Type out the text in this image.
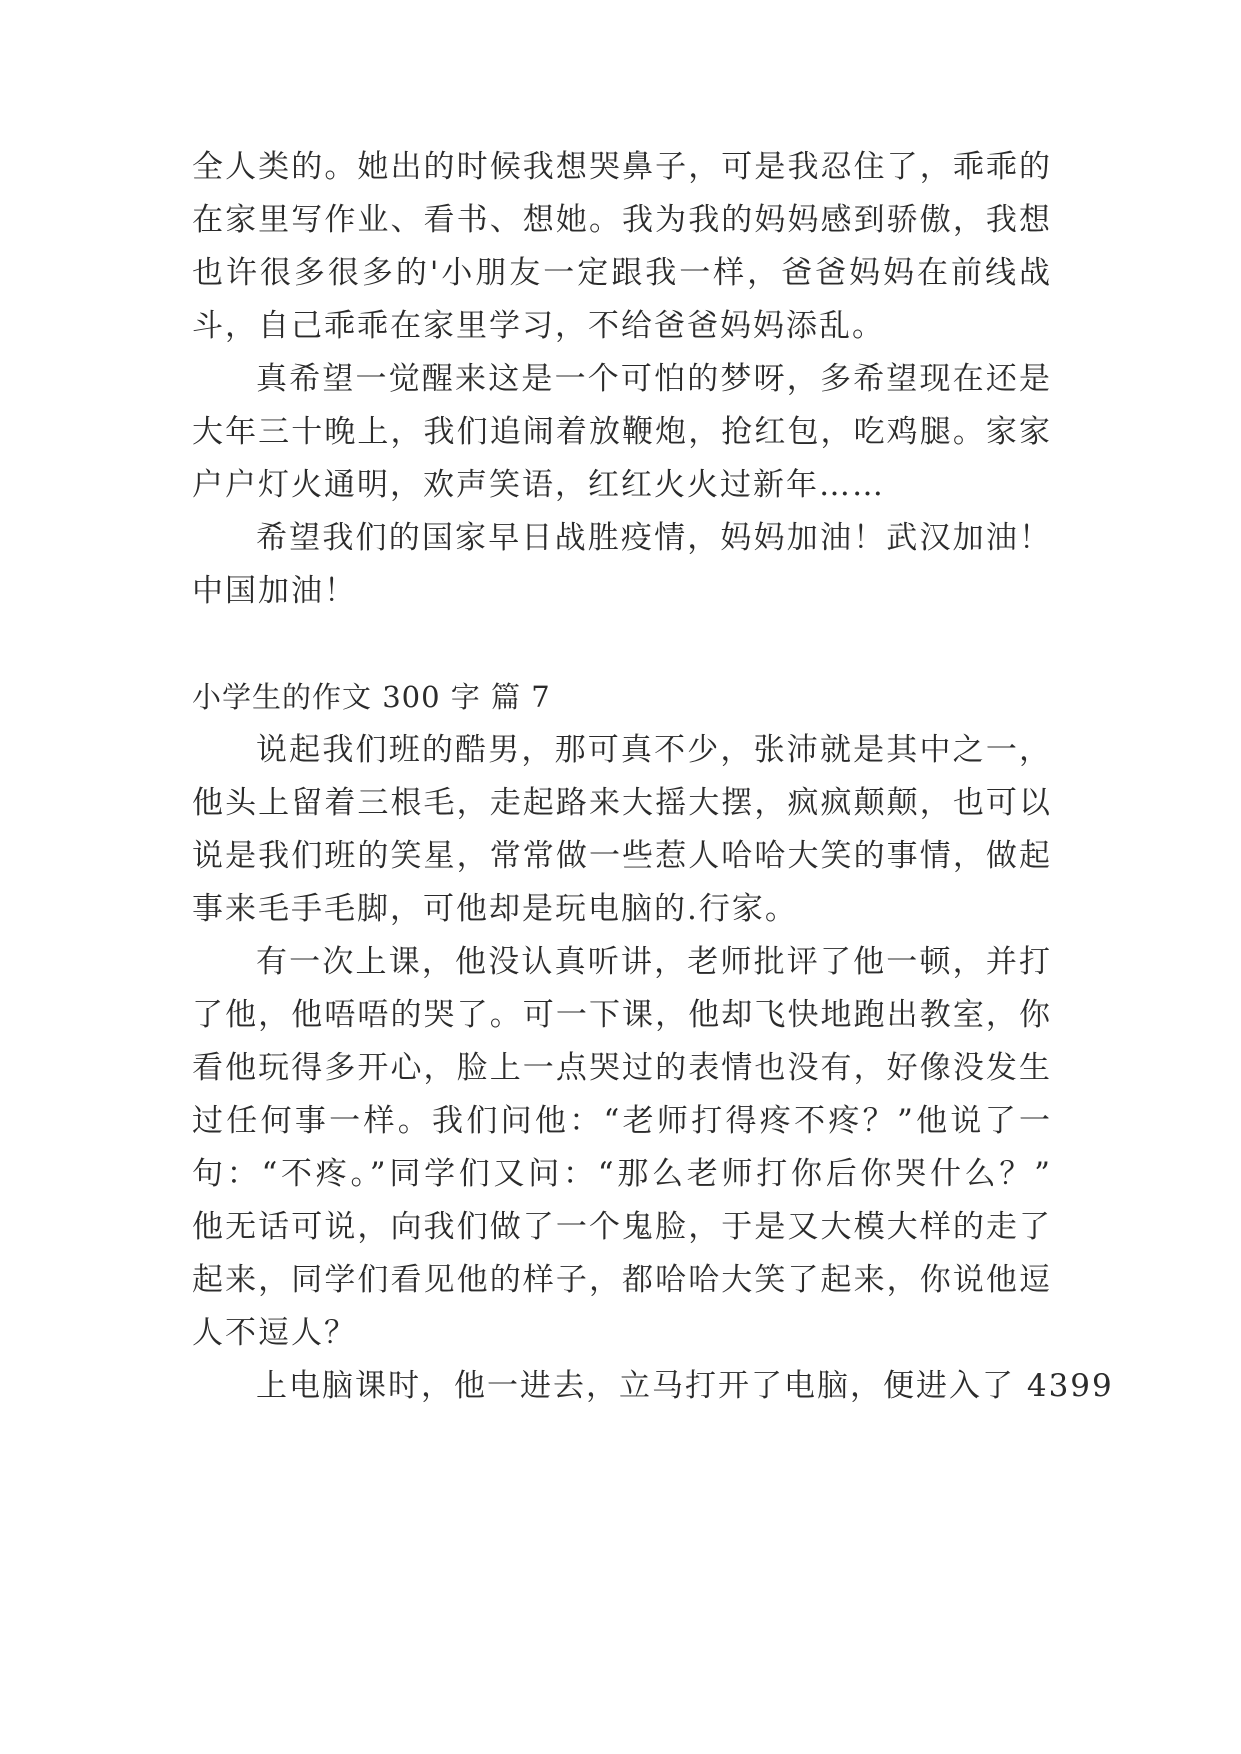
全人类的。她出的时候我想哭鼻子，可是我忍住了，乖乖的
在家里写作业、看书、想她。我为我的妈妈感到骄傲，我想
也许很多很多的'小朋友一定跟我一样，爸爸妈妈在前线战
斗，自己乖乖在家里学习，不给爸爸妈妈添乱。
真希望一觉醒来这是一个可怕的梦呀，多希望现在还是
大年三十晚上，我们追闹着放鞭炮，抢红包，吃鸡腿。家家
户户灯火通明，欢声笑语，红红火火过新年……
希望我们的国家早日战胜疫情，妈妈加油！武汉加油！
中国加油！
小学生的作文 300 字 篇 7
说起我们班的酷男，那可真不少，张沛就是其中之一，
他头上留着三根毛，走起路来大摇大摆，疯疯颠颠，也可以
说是我们班的笑星，常常做一些惹人哈哈大笑的事情，做起
事来毛手毛脚，可他却是玩电脑的.行家。
有一次上课，他没认真听讲，老师批评了他一顿，并打
了他，他唔唔的哭了。可一下课，他却飞快地跑出教室，你
看他玩得多开心，脸上一点哭过的表情也没有，好像没发生
过任何事一样。我们问他：“老师打得疼不疼？”他说了一
句：“不疼。”同学们又问：“那么老师打你后你哭什么？”
他无话可说，向我们做了一个鬼脸，于是又大模大样的走了
起来，同学们看见他的样子，都哈哈大笑了起来，你说他逗
人不逗人？
上电脑课时，他一进去，立马打开了电脑，便进入了 4399
